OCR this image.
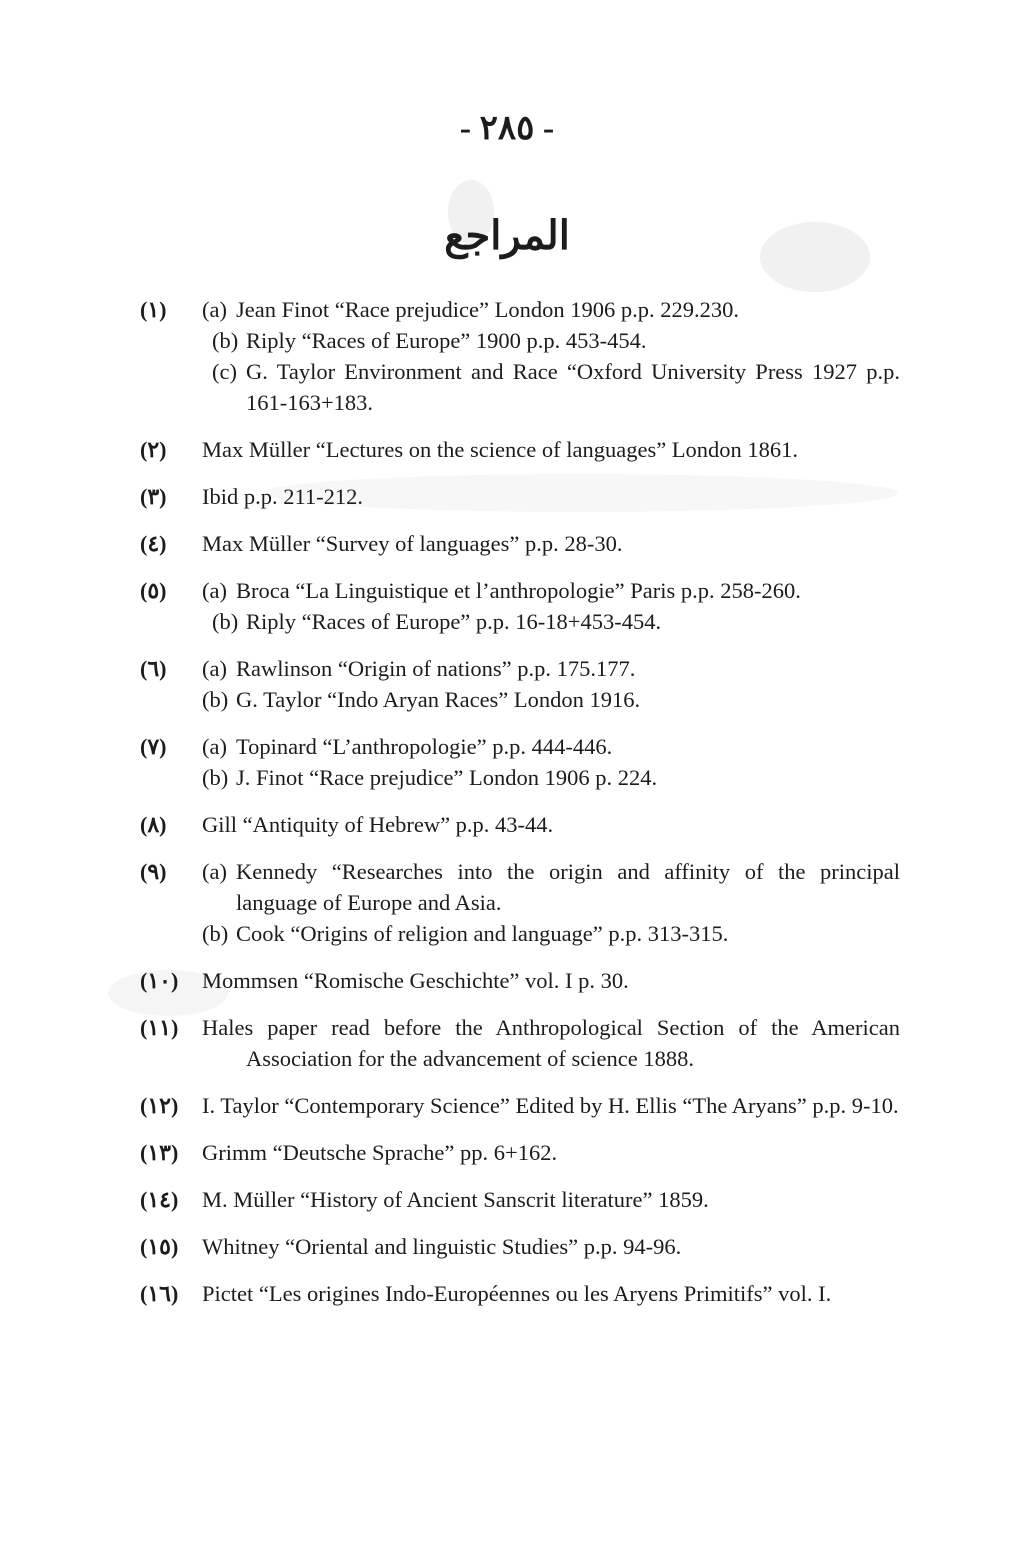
- ٢٨٥ -
المراجع
(١)	(a) Jean Finot “Race prejudice” London 1906 p.p. 229.230.
(b) Riply “Races of Europe” 1900 p.p. 453-454.
(c) G. Taylor Environment and Race “Oxford University Press 1927 p.p. 161-163+183.
(٢)	Max Müller “Lectures on the science of languages” London 1861.
(٣)	Ibid p.p. 211-212.
(٤)	Max Müller “Survey of languages” p.p. 28-30.
(٥)	(a) Broca “La Linguistique et l’anthropologie” Paris p.p. 258-260.
(b) Riply “Races of Europe” p.p. 16-18+453-454.
(٦)	(a) Rawlinson “Origin of nations” p.p. 175.177.
(b) G. Taylor “Indo Aryan Races” London 1916.
(٧)	(a) Topinard “L’anthropologie” p.p. 444-446.
(b) J. Finot “Race prejudice” London 1906 p. 224.
(٨)	Gill “Antiquity of Hebrew” p.p. 43-44.
(٩)	(a) Kennedy “Researches into the origin and affinity of the principal language of Europe and Asia.
(b) Cook “Origins of religion and language” p.p. 313-315.
(١٠)	Mommsen “Romische Geschichte” vol. I p. 30.
(١١)	Hales paper read before the Anthropological Section of the American Association for the advancement of science 1888.
(١٢)	I. Taylor “Contemporary Science” Edited by H. Ellis “The Aryans” p.p. 9-10.
(١٣)	Grimm “Deutsche Sprache” pp. 6+162.
(١٤)	M. Müller “History of Ancient Sanscrit literature” 1859.
(١٥)	Whitney “Oriental and linguistic Studies” p.p. 94-96.
(١٦)	Pictet “Les origines Indo-Européennes ou les Aryens Primitifs” vol. I.
